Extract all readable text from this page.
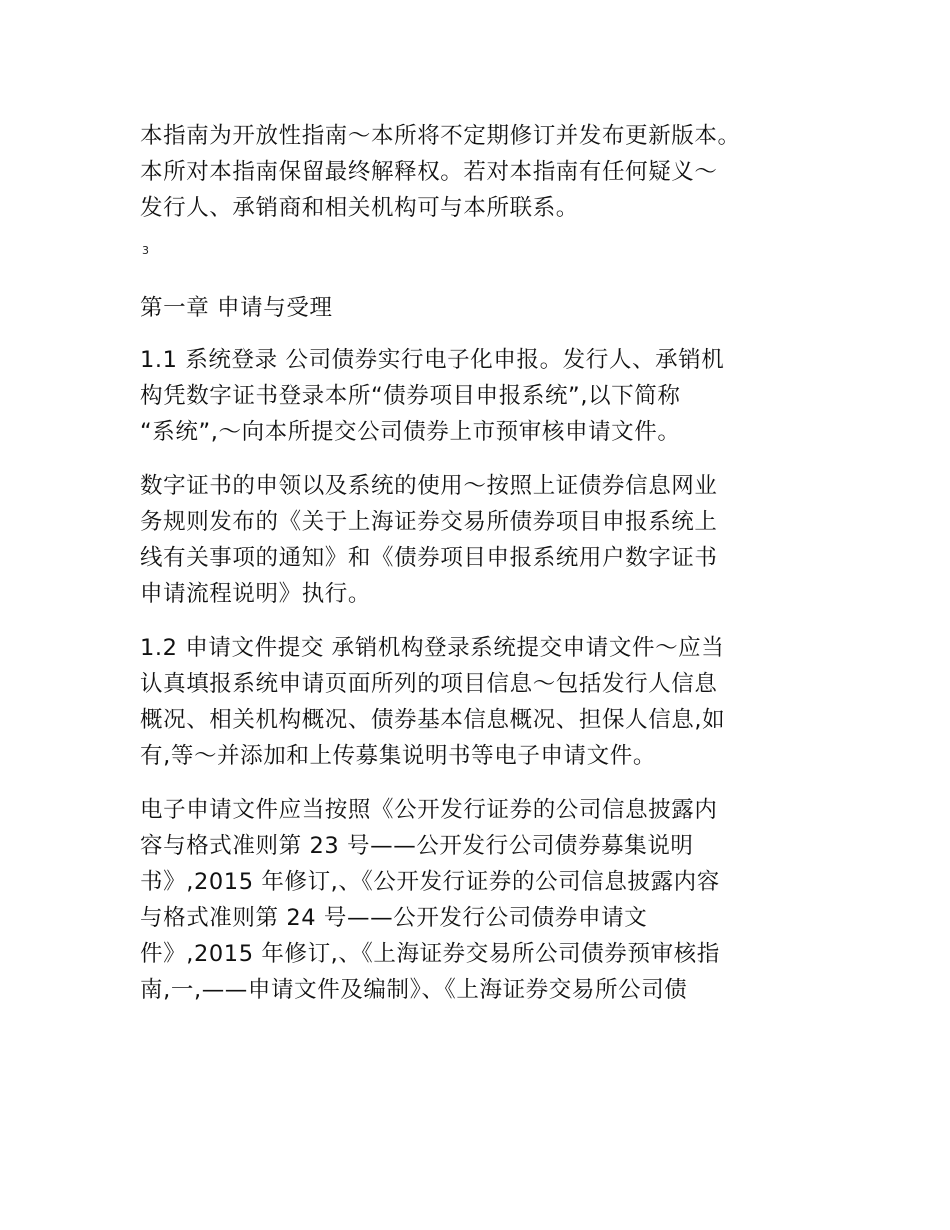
本指南为开放性指南～本所将不定期修订并发布更新版本。
本所对本指南保留最终解释权。若对本指南有任何疑义～
发行人、承销商和相关机构可与本所联系。

3
第一章 申请与受理

1.1 系统登录 公司债券实行电子化申报。发行人、承销机
构凭数字证书登录本所“债券项目申报系统”,以下简称
“系统”,～向本所提交公司债券上市预审核申请文件。

数字证书的申领以及系统的使用～按照上证债券信息网业
务规则发布的《关于上海证券交易所债券项目申报系统上
线有关事项的通知》和《债券项目申报系统用户数字证书
申请流程说明》执行。

1.2 申请文件提交 承销机构登录系统提交申请文件～应当
认真填报系统申请页面所列的项目信息～包括发行人信息
概况、相关机构概况、债券基本信息概况、担保人信息,如
有,等～并添加和上传募集说明书等电子申请文件。

电子申请文件应当按照《公开发行证券的公司信息披露内
容与格式准则第 23 号——公开发行公司债券募集说明
书》,2015 年修订,、《公开发行证券的公司信息披露内容
与格式准则第 24 号——公开发行公司债券申请文
件》,2015 年修订,、《上海证券交易所公司债券预审核指
南,一,——申请文件及编制》、《上海证券交易所公司债
